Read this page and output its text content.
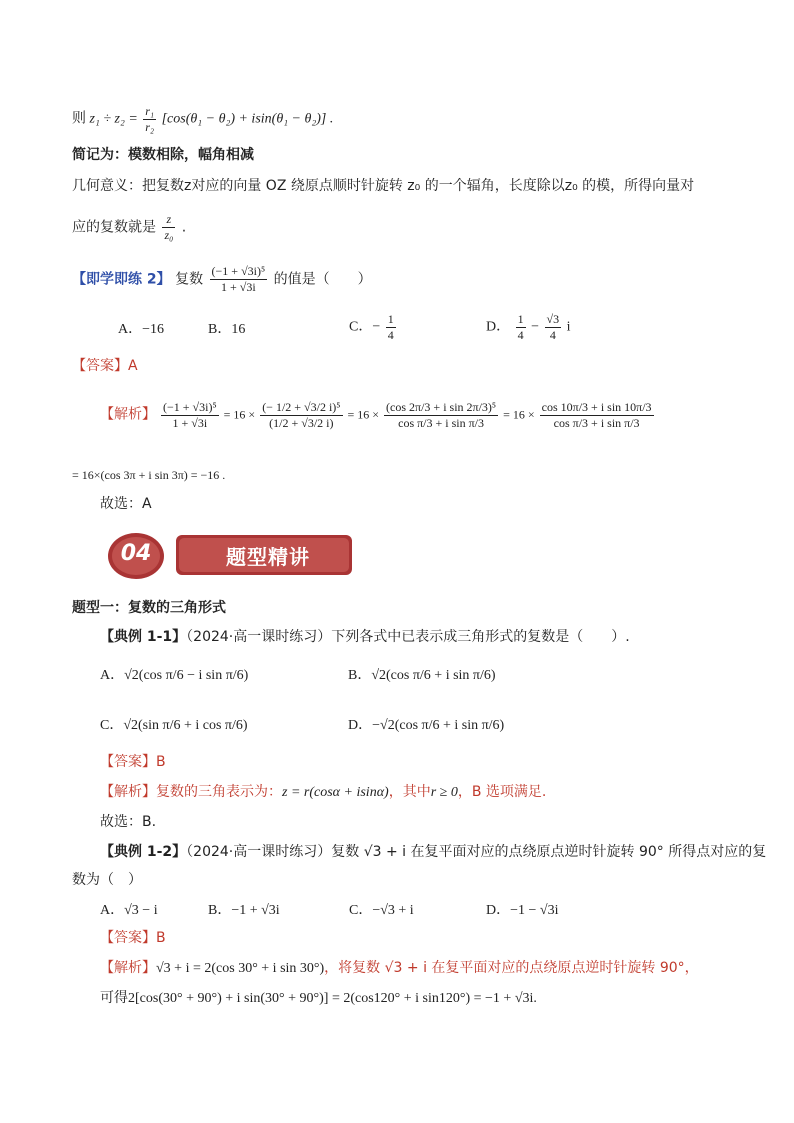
则 $z_1 \div z_2 = \frac{\text{r₁}}{\text{r₂}} [\cos(\theta_1 - \theta_2) + isin(\theta_1 - \theta_2)]$ .
简记为：模数相除，幅角相减
几何意义：把复数z对应的向量 OZ 绕原点顺时针旋转 z₀ 的一个辐角，长度除以z₀ 的模，所得向量对
应的复数就是 $\frac{z}{\text{z₀}}$ .
【即学即练 2】 复数 $\frac{\text{(−1 + √3i)⁵}}{1 + √3i}$ 的值是（　　）
A．−16	B．16	C．− $\frac{1}{4}$	D． $\frac{1}{4} - \frac{√3}{4}$ i
【答案】A
【解析】 $\frac{\text{(−1 + √3i)⁵}}{1 + √3i} = 16 \times \frac{\text{(− 1/2 + √3/2 i)⁵}}{(1/2 + √3/2 i)} = 16 \times \frac{\text{(cos 2π/3 + i sin 2π/3)⁵}}{\text{cos π/3 + i sin π/3}} = 16 \times \frac{\text{cos 10π/3 + i sin 10π/3}}{\text{cos π/3 + i sin π/3}}$
= 16×(cos 3π + i sin 3π) = −16 .
故选：A
04	题型精讲
题型一：复数的三角形式
【典例 1-1】（2024·高一课时练习）下列各式中已表示成三角形式的复数是（　　）.
A．√2(cos π/6 − i sin π/6)	B．√2(cos π/6 + i sin π/6)
C．√2(sin π/6 + i cos π/6)	D．−√2(cos π/6 + i sin π/6)
【答案】B
【解析】复数的三角表示为：z = r(cosα + isinα)，其中r ≥ 0，B 选项满足.
故选：B.
【典例 1-2】（2024·高一课时练习）复数 √3 + i 在复平面对应的点绕原点逆时针旋转 90° 所得点对应的复
数为（　）
A．√3 − i	B．−1 + √3i	C．−√3 + i	D．−1 − √3i
【答案】B
【解析】√3 + i = 2(cos 30° + i sin 30°)，将复数 √3 + i 在复平面对应的点绕原点逆时针旋转 90°，
可得2[cos(30° + 90°) + i sin(30° + 90°)] = 2(cos120° + i sin120°) = −1 + √3i.
